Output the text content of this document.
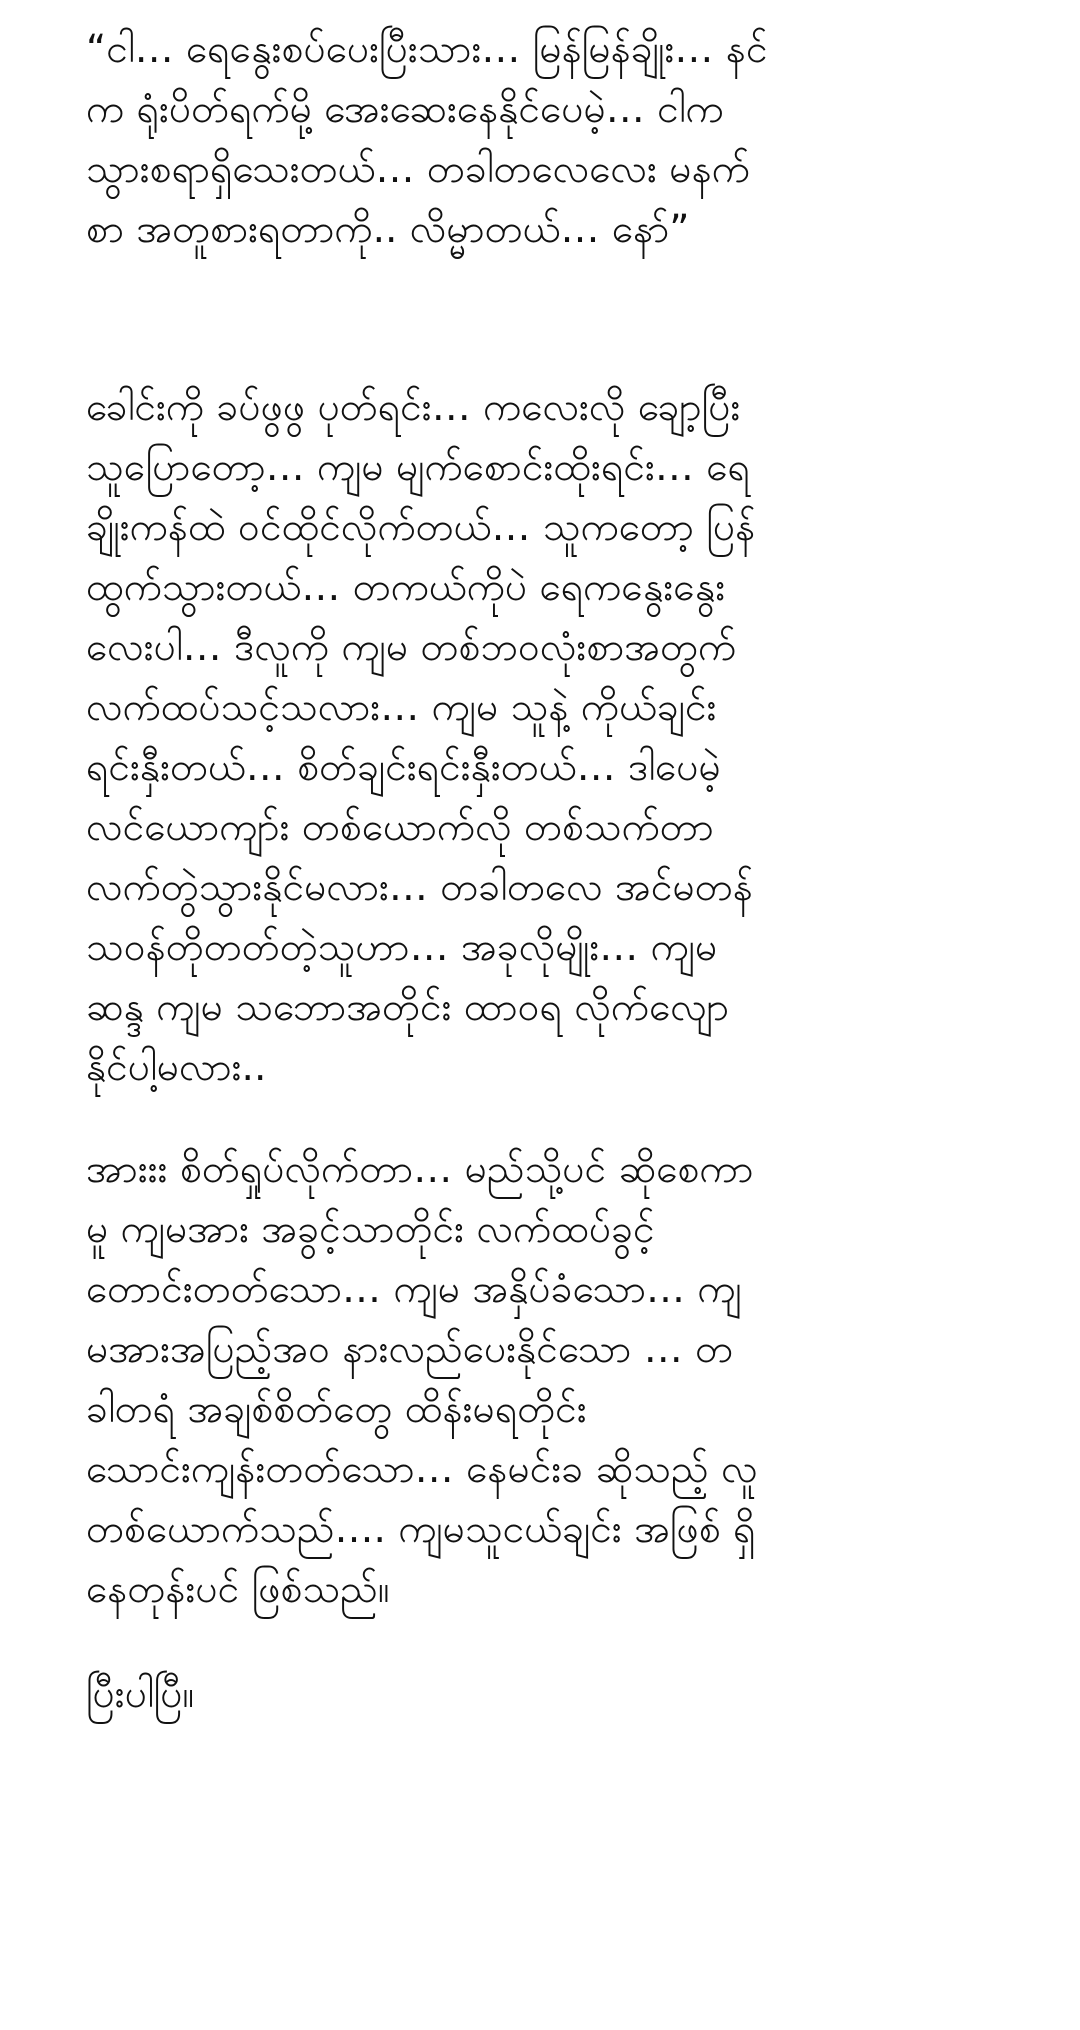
“ငါ… ရေနွေးစပ်ပေးပြီးသား… မြန်မြန်ချိုး… နင်
က ရုံးပိတ်ရက်မို့ အေးဆေးနေနိုင်ပေမဲ့… ငါက
သွားစရာရှိသေးတယ်… တခါတလေလေး မနက်
စာ အတူစားရတာကို.. လိမ္မာတယ်… နော်”

ခေါင်းကို ခပ်ဖွဖွ ပုတ်ရင်း… ကလေးလို ချော့ပြီး
သူပြောတော့… ကျမ မျက်စောင်းထိုးရင်း… ရေ
ချိုးကန်ထဲ ဝင်ထိုင်လိုက်တယ်… သူကတော့ ပြန်
ထွက်သွားတယ်… တကယ်ကိုပဲ ရေကနွေးနွေး
လေးပါ… ဒီလူကို ကျမ တစ်ဘဝလုံးစာအတွက်
လက်ထပ်သင့်သလား… ကျမ သူနဲ့ ကိုယ်ချင်း
ရင်းနှီးတယ်… စိတ်ချင်းရင်းနှီးတယ်… ဒါပေမဲ့
လင်ယောကျာ်း တစ်ယောက်လို တစ်သက်တာ
လက်တွဲသွားနိုင်မလား… တခါတလေ အင်မတန်
သဝန်တိုတတ်တဲ့သူဟာ… အခုလိုမျိုး… ကျမ
ဆန္ဒ ကျမ သဘောအတိုင်း ထာဝရ လိုက်လျော
နိုင်ပါ့မလား..

အားးး စိတ်ရှုပ်လိုက်တာ… မည်သို့ပင် ဆိုစေကာ
မူ ကျမအား အခွင့်သာတိုင်း လက်ထပ်ခွင့်
တောင်းတတ်သော… ကျမ အနှိပ်ခံသော… ကျ
မအားအပြည့်အဝ နားလည်ပေးနိုင်သော … တ
ခါတရံ အချစ်စိတ်တွေ ထိန်းမရတိုင်း
သောင်းကျန်းတတ်သော… နေမင်းခ ဆိုသည့် လူ
တစ်ယောက်သည်…. ကျမသူငယ်ချင်း အဖြစ် ရှိ
နေတုန်းပင် ဖြစ်သည်။

ပြီးပါပြီ။
